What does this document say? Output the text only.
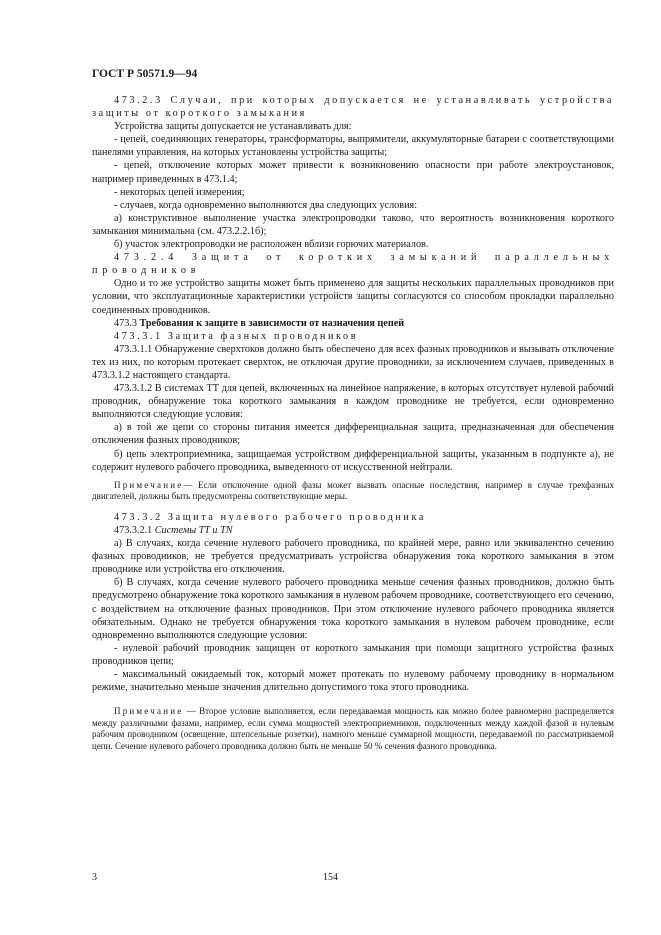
ГОСТ Р 50571.9—94

473.2.3 Случаи, при которых допускается не устанавливать устройства защиты от короткого замыкания

Устройства защиты допускается не устанавливать для:

- цепей, соединяющих генераторы, трансформаторы, выпрямители, аккумуляторные батареи с соответствующими панелями управления, на которых установлены устройства защиты;

- цепей, отключение которых может привести к возникновению опасности при работе электроустановок, например приведенных в 473.1.4;

- некоторых цепей измерения;

- случаев, когда одновременно выполняются два следующих условия:

а) конструктивное выполнение участка электропроводки таково, что вероятность возникновения короткого замыкания минимальна (см. 473.2.2.1б);

б) участок электропроводки не расположен вблизи горючих материалов.

473.2.4 Защита от коротких замыканий параллельных проводников

Одно и то же устройство защиты может быть применено для защиты нескольких параллельных проводников при условии, что эксплуатационные характеристики устройств защиты согласуются со способом прокладки параллельно соединенных проводников.

473.3 Требования к защите в зависимости от назначения цепей

473.3.1 Защита фазных проводников

473.3.1.1 Обнаружение сверхтоков должно быть обеспечено для всех фазных проводников и вызывать отключение тех из них, по которым протекает сверхток, не отключая другие проводники, за исключением случаев, приведенных в 473.3.1.2 настоящего стандарта.

473.3.1.2 В системах ТТ для цепей, включенных на линейное напряжение, в которых отсутствует нулевой рабочий проводник, обнаружение тока короткого замыкания в каждом проводнике не требуется, если одновременно выполняются следующие условия:

а) в той же цепи со стороны питания имеется дифференциальная защита, предназначенная для обеспечения отключения фазных проводников;

б) цепь электроприемника, защищаемая устройством дифференциальной защиты, указанным в подпункте а), не содержит нулевого рабочего проводника, выведенного от искусственной нейтрали.

Примечание— Если отключение одной фазы может вызвать опасные последствия, например в случае трехфазных двигателей, должны быть предусмотрены соответствующие меры.

473.3.2 Защита нулевого рабочего проводника

473.3.2.1 Системы TT и TN

а) В случаях, когда сечение нулевого рабочего проводника, по крайней мере, равно или эквивалентно сечению фазных проводников, не требуется предусматривать устройства обнаружения тока короткого замыкания в этом проводнике или устройства его отключения.

б) В случаях, когда сечение нулевого рабочего проводника меньше сечения фазных проводников, должно быть предусмотрено обнаружение тока короткого замыкания в нулевом рабочем проводнике, соответствующего его сечению, с воздействием на отключение фазных проводников. При этом отключение нулевого рабочего проводника является обязательным. Однако не требуется обнаружения тока короткого замыкания в нулевом рабочем проводнике, если одновременно выполняются следующие условия:

- нулевой рабочий проводник защищен от короткого замыкания при помощи защитного устройства фазных проводников цепи;

- максимальный ожидаемый ток, который может протекать по нулевому рабочему проводнику в нормальном режиме, значительно меньше значения длительно допустимого тока этого проводника.

Примечание — Второе условие выполняется, если передаваемая мощность как можно более равномерно распределяется между различными фазами, например, если сумма мощностей электроприемников, подключенных между каждой фазой и нулевым рабочим проводником (освещение, штепсельные розетки), намного меньше суммарной мощности, передаваемой по рассматриваемой цепи. Сечение нулевого рабочего проводника должно быть не меньше 50 % сечения фазного проводника.

3	154
